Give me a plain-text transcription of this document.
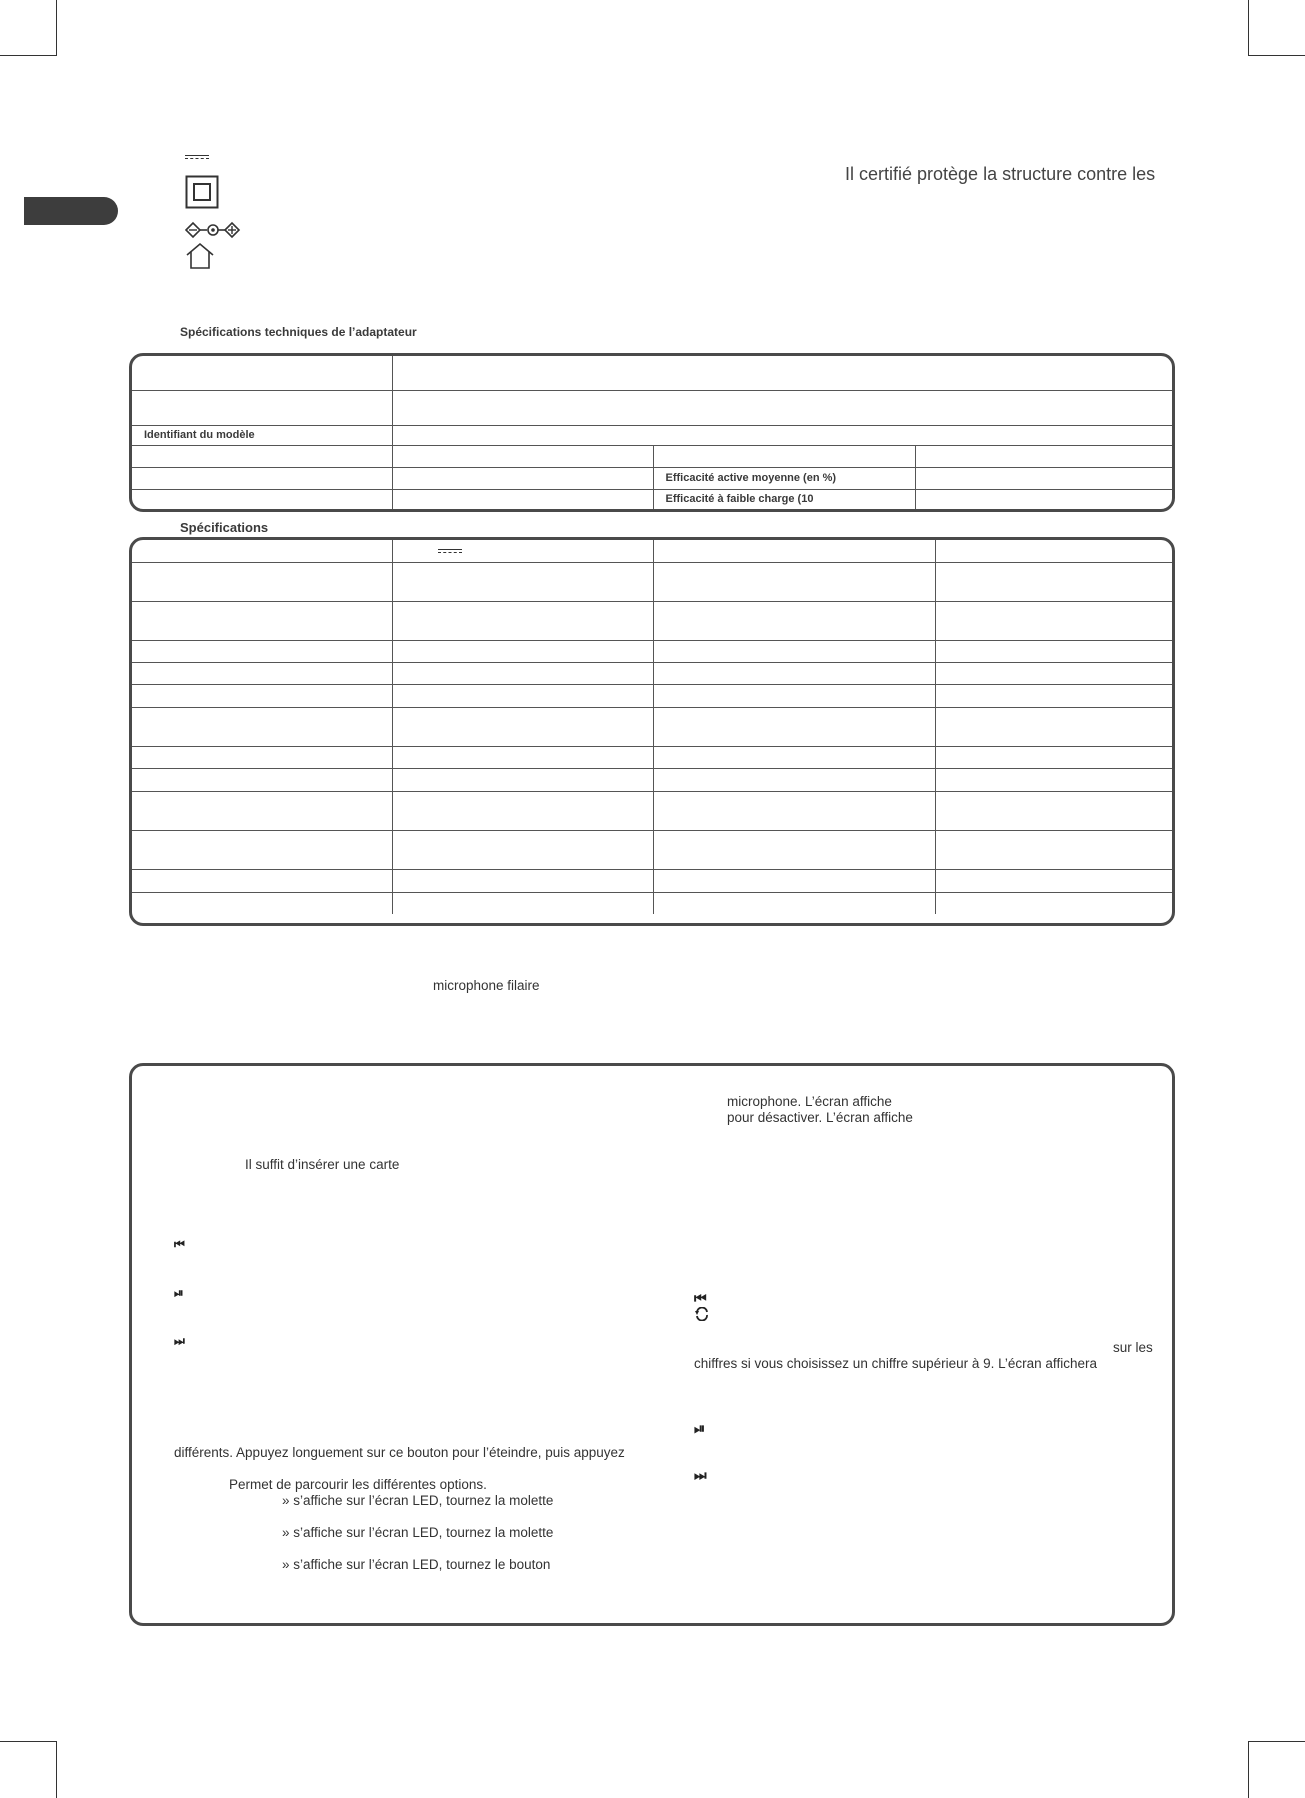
Il certifié protège la structure contre les
Spécifications techniques de l’adaptateur

Identifiant du modèle			

		Efficacité active moyenne (en %)	
		Efficacité à faible charge (10	
Spécifications

microphone filaire
Il suffit d’insérer une carte
⏮
⏯
⏭
différents. Appuyez longuement sur ce bouton pour l’éteindre, puis appuyez
Permet de parcourir les différentes options.
» s’affiche sur l’écran LED, tournez la molette
» s’affiche sur l’écran LED, tournez la molette
» s’affiche sur l’écran LED, tournez le bouton
microphone. L’écran affiche
pour désactiver. L’écran affiche
⏮
sur les
chiffres si vous choisissez un chiffre supérieur à 9. L’écran affichera
⏯
⏭
